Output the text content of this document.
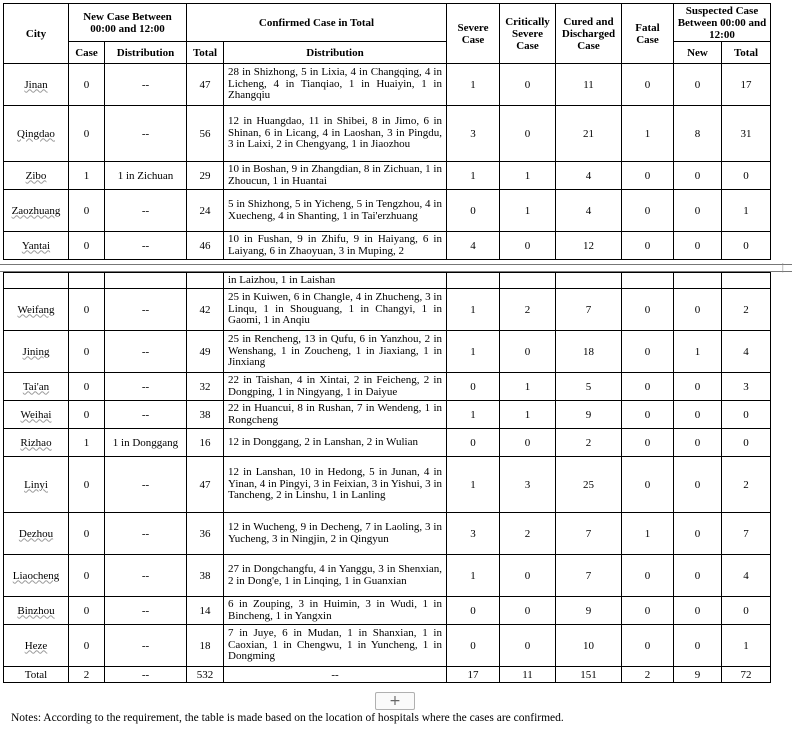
City	New Case Between 00:00 and 12:00		Confirmed Case in Total		Severe Case	Critically Severe Case	Cured and Discharged Case	Fatal Case	Suspected Case Between 00:00 and 12:00	
	Case	Distribution	Total	Distribution					New	Total
Jinan	0	--	47	28 in Shizhong, 5 in Lixia, 4 in Changqing, 4 in Licheng, 4 in Tianqiao, 1 in Huaiyin, 1 in Zhangqiu	1	0	11	0	0	17
Qingdao	0	--	56	12 in Huangdao, 11 in Shibei, 8 in Jimo, 6 in Shinan, 6 in Licang, 4 in Laoshan, 3 in Pingdu, 3 in Laixi, 2 in Chengyang, 1 in Jiaozhou	3	0	21	1	8	31
Zibo	1	1 in Zichuan	29	10 in Boshan, 9 in Zhangdian, 8 in Zichuan, 1 in Zhoucun, 1 in Huantai	1	1	4	0	0	0
Zaozhuang	0	--	24	5 in Shizhong, 5 in Yicheng, 5 in Tengzhou, 4 in Xuecheng, 4 in Shanting, 1 in Tai'erzhuang	0	1	4	0	0	1
Yantai	0	--	46	10 in Fushan, 9 in Zhifu, 9 in Haiyang, 6 in Laiyang, 6 in Zhaoyuan, 3 in Muping, 2	4	0	12	0	0	0
|
				in Laizhou, 1 in Laishan						
Weifang	0	--	42	25 in Kuiwen, 6 in Changle, 4 in Zhucheng, 3 in Linqu, 1 in Shouguang, 1 in Changyi, 1 in Gaomi, 1 in Anqiu	1	2	7	0	0	2
Jining	0	--	49	25 in Rencheng, 13 in Qufu, 6 in Yanzhou, 2 in Wenshang, 1 in Zoucheng, 1 in Jiaxiang, 1 in Jinxiang	1	0	18	0	1	4
Tai'an	0	--	32	22 in Taishan, 4 in Xintai, 2 in Feicheng, 2 in Dongping, 1 in Ningyang, 1 in Daiyue	0	1	5	0	0	3
Weihai	0	--	38	22 in Huancui, 8 in Rushan, 7 in Wendeng, 1 in Rongcheng	1	1	9	0	0	0
Rizhao	1	1 in Donggang	16	12 in Donggang, 2 in Lanshan, 2 in Wulian	0	0	2	0	0	0
Linyi	0	--	47	12 in Lanshan, 10 in Hedong, 5 in Junan, 4 in Yinan, 4 in Pingyi, 3 in Feixian, 3 in Yishui, 3 in Tancheng, 2 in Linshu, 1 in Lanling	1	3	25	0	0	2
Dezhou	0	--	36	12 in Wucheng, 9 in Decheng, 7 in Laoling, 3 in Yucheng, 3 in Ningjin, 2 in Qingyun	3	2	7	1	0	7
Liaocheng	0	--	38	27 in Dongchangfu, 4 in Yanggu, 3 in Shenxian, 2 in Dong'e, 1 in Linqing, 1 in Guanxian	1	0	7	0	0	4
Binzhou	0	--	14	6 in Zouping, 3 in Huimin, 3 in Wudi, 1 in Bincheng, 1 in Yangxin	0	0	9	0	0	0
Heze	0	--	18	7 in Juye, 6 in Mudan, 1 in Shanxian, 1 in Caoxian, 1 in Chengwu, 1 in Yuncheng, 1 in Dongming	0	0	10	0	0	1
Total	2	--	532	--	17	11	151	2	9	72
+
Notes: According to the requirement, the table is made based on the location of hospitals where the cases are confirmed.
